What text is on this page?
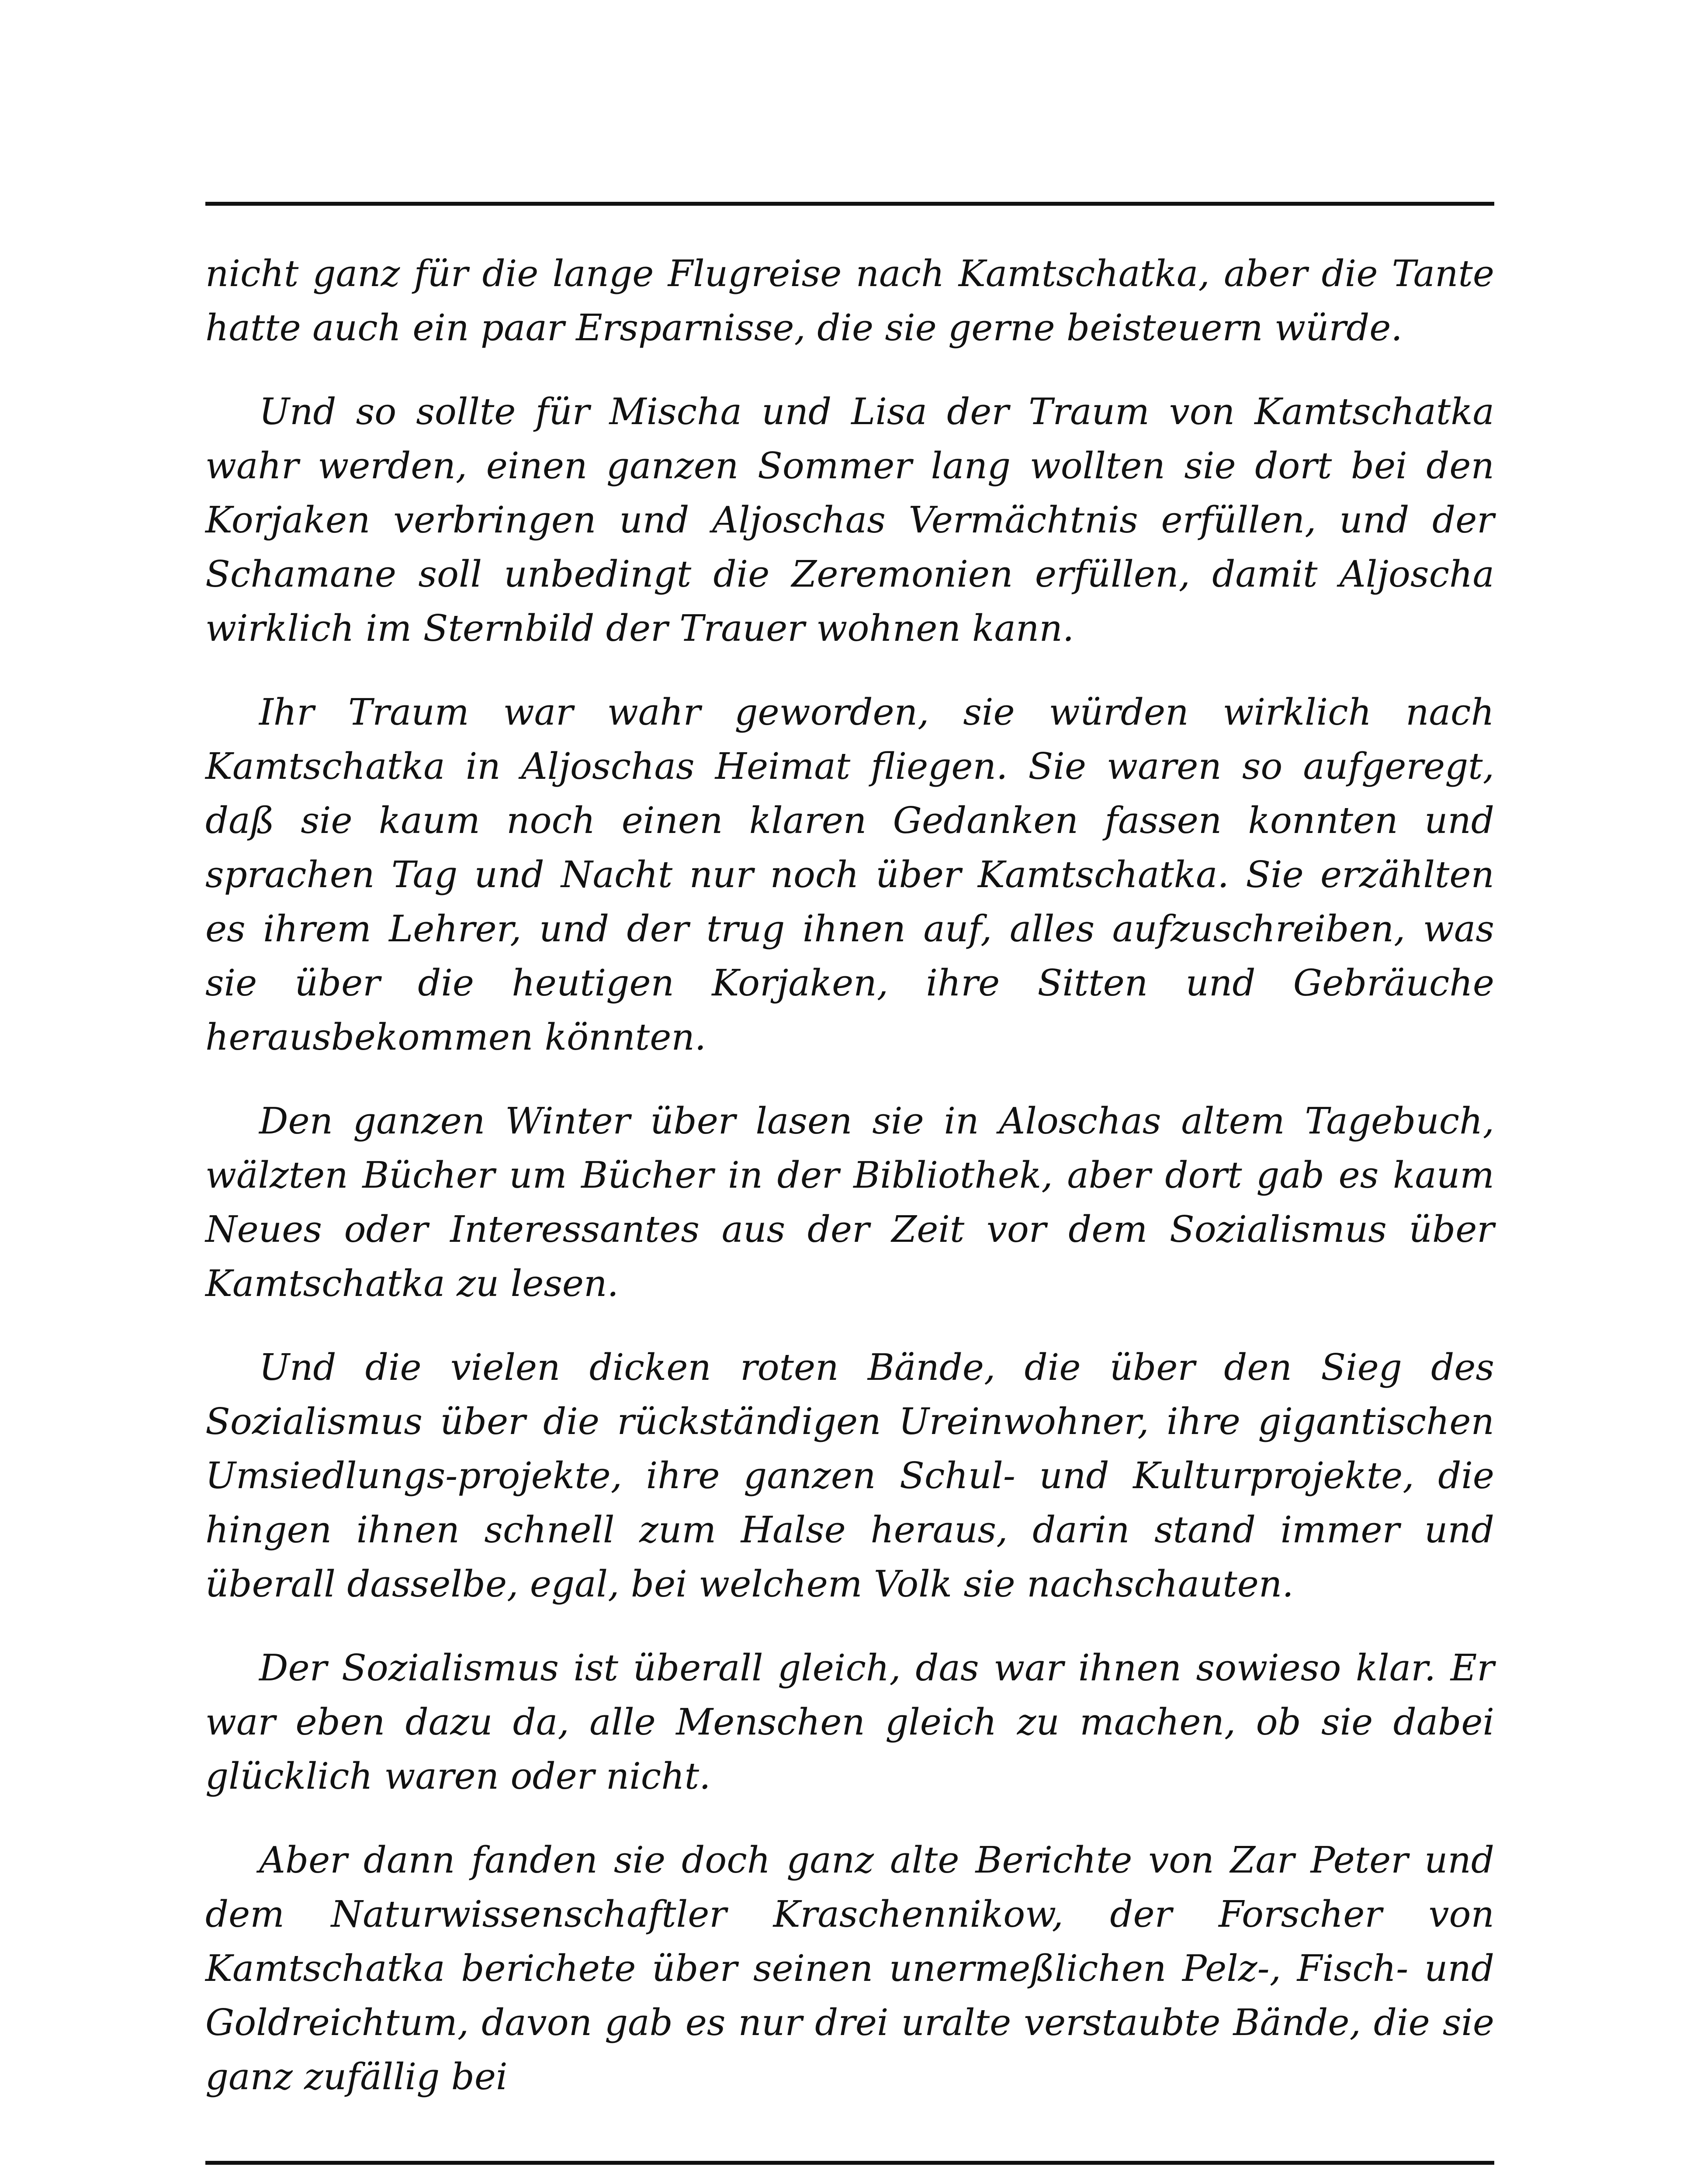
nicht ganz für die lange Flugreise nach Kamtschatka, aber die Tante hatte auch ein paar Ersparnisse, die sie gerne beisteuern würde.

Und so sollte für Mischa und Lisa der Traum von Kamtschatka wahr werden, einen ganzen Sommer lang wollten sie dort bei den Korjaken verbringen und Aljoschas Vermächtnis erfüllen, und der Schamane soll unbedingt die Zeremonien erfüllen, damit Aljoscha wirklich im Sternbild der Trauer wohnen kann.

Ihr Traum war wahr geworden, sie würden wirklich nach Kamtschatka in Aljoschas Heimat fliegen. Sie waren so aufgeregt, daß sie kaum noch einen klaren Gedanken fassen konnten und sprachen Tag und Nacht nur noch über Kamtschatka. Sie erzählten es ihrem Lehrer, und der trug ihnen auf, alles aufzuschreiben, was sie über die heutigen Korjaken, ihre Sitten und Gebräuche herausbekommen könnten.

Den ganzen Winter über lasen sie in Aloschas altem Tagebuch, wälzten Bücher um Bücher in der Bibliothek, aber dort gab es kaum Neues oder Interessantes aus der Zeit vor dem Sozialismus über Kamtschatka zu lesen.

Und die vielen dicken roten Bände, die über den Sieg des Sozialismus über die rückständigen Ureinwohner, ihre gigantischen Umsiedlungs-projekte, ihre ganzen Schul- und Kulturprojekte, die hingen ihnen schnell zum Halse heraus, darin stand immer und überall dasselbe, egal, bei welchem Volk sie nachschauten.

Der Sozialismus ist überall gleich, das war ihnen sowieso klar. Er war eben dazu da, alle Menschen gleich zu machen, ob sie dabei glücklich waren oder nicht.

Aber dann fanden sie doch ganz alte Berichte von Zar Peter und dem Naturwissenschaftler Kraschennikow, der Forscher von Kamtschatka berichete über seinen unermeßlichen Pelz-, Fisch- und Goldreichtum, davon gab es nur drei uralte verstaubte Bände, die sie ganz zufällig bei
